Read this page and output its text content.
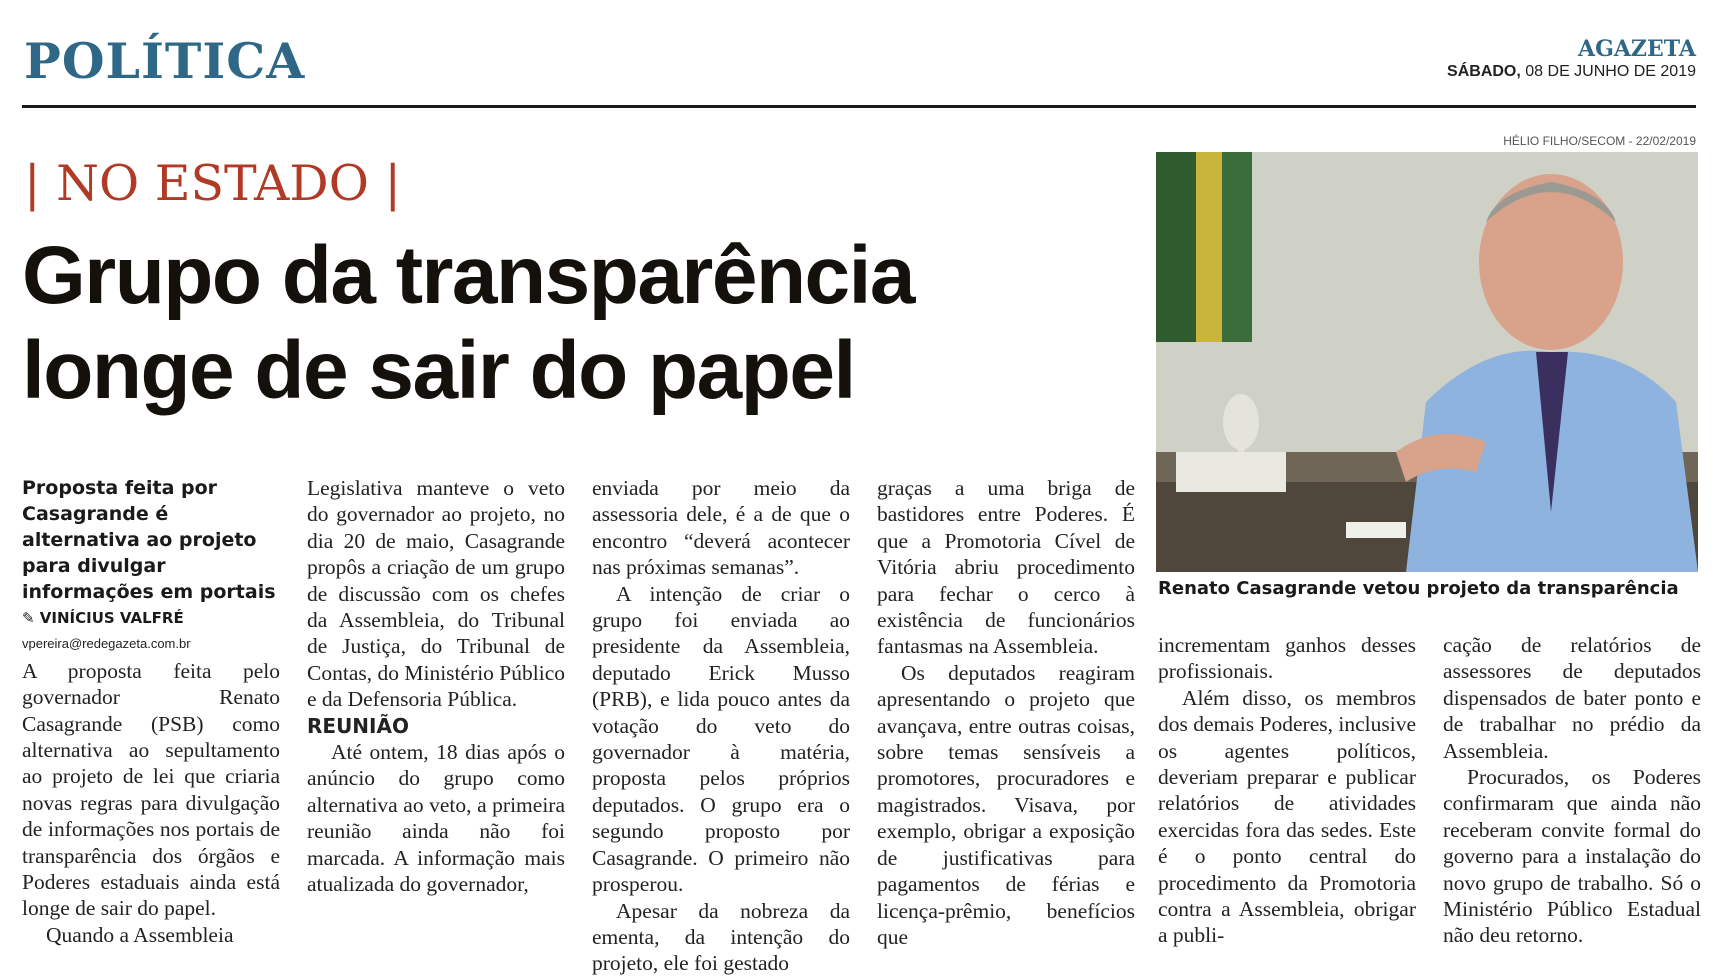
POLÍTICA	AGAZETA
SÁBADO, 08 DE JUNHO DE 2019
| NO ESTADO |
Grupo da transparência longe de sair do papel
HÉLIO FILHO/SECOM - 22/02/2019
Renato Casagrande vetou projeto da transparência

Proposta feita por Casagrande é alternativa ao projeto para divulgar informações em portais

✎ VINÍCIUS VALFRÉ

vpereira@redegazeta.com.br

A proposta feita pelo governador Renato Casagrande (PSB) como alternativa ao sepultamento ao projeto de lei que criaria novas regras para divulgação de informações nos portais de transparência dos órgãos e Poderes estaduais ainda está longe de sair do papel.

Quando a Assembleia

Legislativa manteve o veto do governador ao projeto, no dia 20 de maio, Casagrande propôs a criação de um grupo de discussão com os chefes da Assembleia, do Tribunal de Justiça, do Tribunal de Contas, do Ministério Público e da Defensoria Pública.

REUNIÃO

Até ontem, 18 dias após o anúncio do grupo como alternativa ao veto, a primeira reunião ainda não foi marcada. A informação mais atualizada do governador,

enviada por meio da assessoria dele, é a de que o encontro “deverá acontecer nas próximas semanas”.

A intenção de criar o grupo foi enviada ao presidente da Assembleia, deputado Erick Musso (PRB), e lida pouco antes da votação do veto do governador à matéria, proposta pelos próprios deputados. O grupo era o segundo proposto por Casagrande. O primeiro não prosperou.

Apesar da nobreza da ementa, da intenção do projeto, ele foi gestado

graças a uma briga de bastidores entre Poderes. É que a Promotoria Cível de Vitória abriu procedimento para fechar o cerco à existência de funcionários fantasmas na Assembleia.

Os deputados reagiram apresentando o projeto que avançava, entre outras coisas, sobre temas sensíveis a promotores, procuradores e magistrados. Visava, por exemplo, obrigar a exposição de justificativas para pagamentos de férias e licença-prêmio, benefícios que

incrementam ganhos desses profissionais.

Além disso, os membros dos demais Poderes, inclusive os agentes políticos, deveriam preparar e publicar relatórios de atividades exercidas fora das sedes. Este é o ponto central do procedimento da Promotoria contra a Assembleia, obrigar a publi-

cação de relatórios de assessores de deputados dispensados de bater ponto e de trabalhar no prédio da Assembleia.

Procurados, os Poderes confirmaram que ainda não receberam convite formal do governo para a instalação do novo grupo de trabalho. Só o Ministério Público Estadual não deu retorno.
